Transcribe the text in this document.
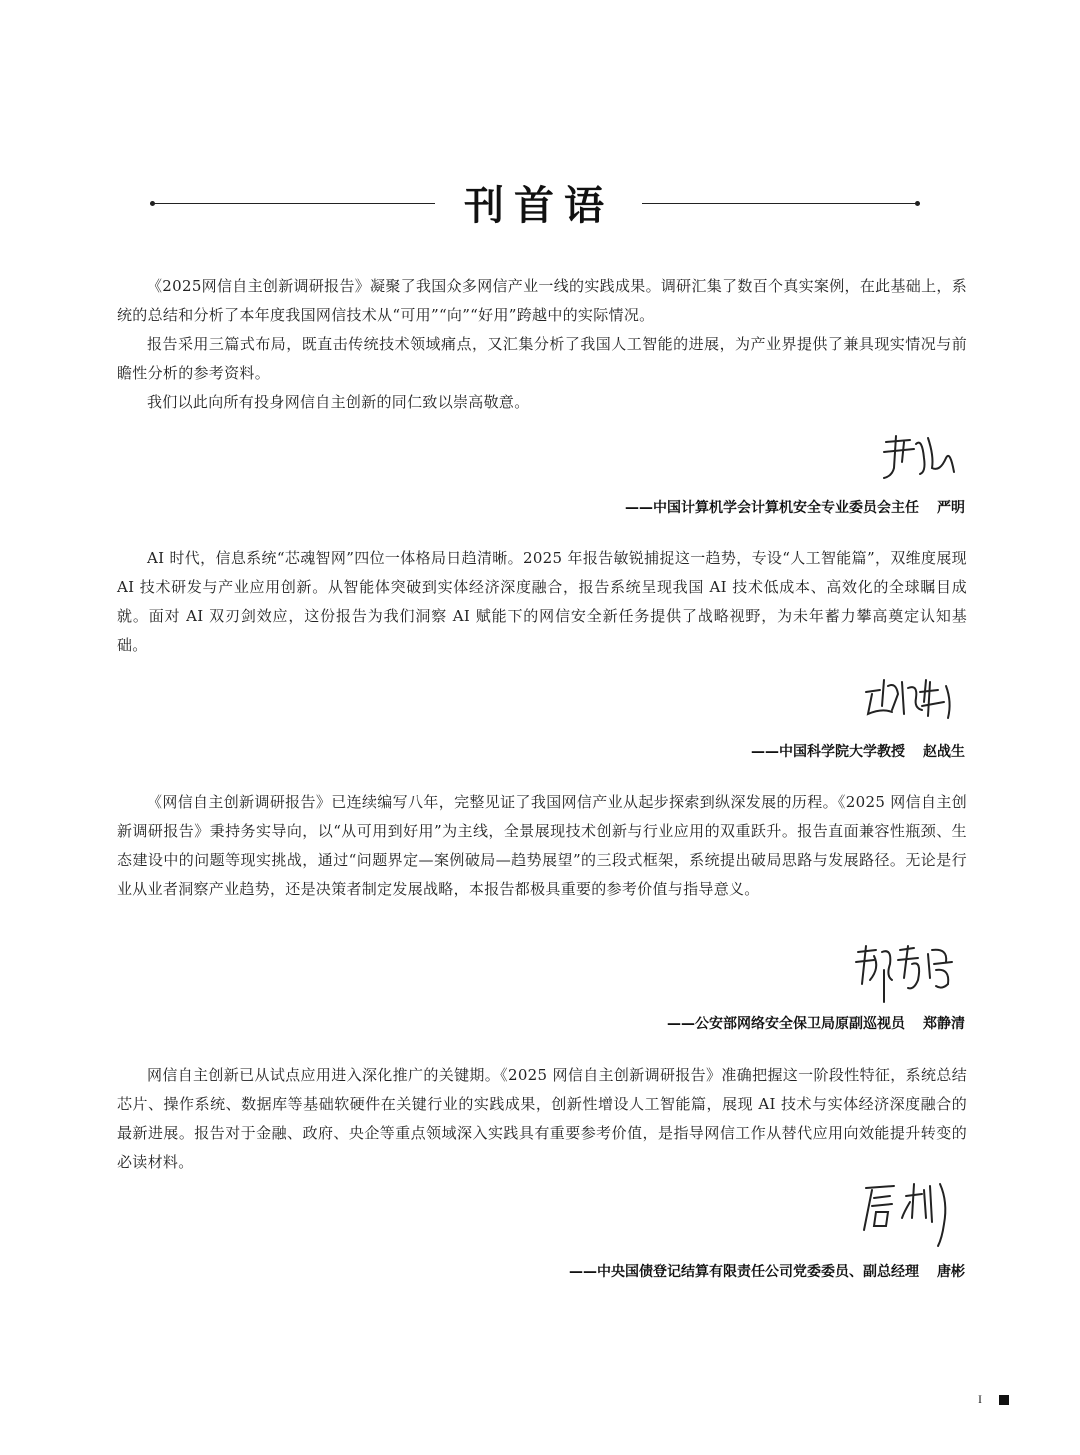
刊首语

《2025网信自主创新调研报告》凝聚了我国众多网信产业一线的实践成果。调研汇集了数百个真实案例，在此基础上，系统的总结和分析了本年度我国网信技术从“可用”“向”“好用”跨越中的实际情况。

报告采用三篇式布局，既直击传统技术领域痛点，又汇集分析了我国人工智能的进展，为产业界提供了兼具现实情况与前瞻性分析的参考资料。

我们以此向所有投身网信自主创新的同仁致以崇高敬意。

——中国计算机学会计算机安全专业委员会主任 严明

AI 时代，信息系统“芯魂智网”四位一体格局日趋清晰。2025 年报告敏锐捕捉这一趋势，专设“人工智能篇”，双维度展现 AI 技术研发与产业应用创新。从智能体突破到实体经济深度融合，报告系统呈现我国 AI 技术低成本、高效化的全球瞩目成就。面对 AI 双刃剑效应，这份报告为我们洞察 AI 赋能下的网信安全新任务提供了战略视野，为未年蓄力攀高奠定认知基础。

——中国科学院大学教授 赵战生

《网信自主创新调研报告》已连续编写八年，完整见证了我国网信产业从起步探索到纵深发展的历程。《2025 网信自主创新调研报告》秉持务实导向，以“从可用到好用”为主线，全景展现技术创新与行业应用的双重跃升。报告直面兼容性瓶颈、生态建设中的问题等现实挑战，通过“问题界定—案例破局—趋势展望”的三段式框架，系统提出破局思路与发展路径。无论是行业从业者洞察产业趋势，还是决策者制定发展战略，本报告都极具重要的参考价值与指导意义。

——公安部网络安全保卫局原副巡视员 郑静清

网信自主创新已从试点应用进入深化推广的关键期。《2025 网信自主创新调研报告》准确把握这一阶段性特征，系统总结芯片、操作系统、数据库等基础软硬件在关键行业的实践成果，创新性增设人工智能篇，展现 AI 技术与实体经济深度融合的最新进展。报告对于金融、政府、央企等重点领域深入实践具有重要参考价值，是指导网信工作从替代应用向效能提升转变的必读材料。

——中央国债登记结算有限责任公司党委委员、副总经理 唐彬
I
